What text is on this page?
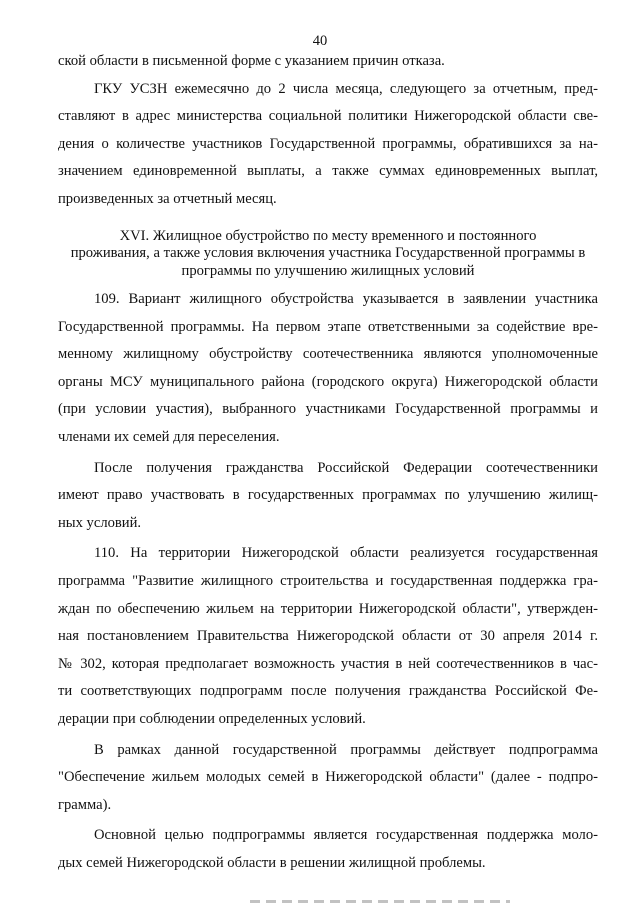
40
ской области в письменной форме с указанием причин отказа.
ГКУ УСЗН ежемесячно до 2 числа месяца, следующего за отчетным, пред-
ставляют в адрес министерства социальной политики Нижегородской области све-
дения о количестве участников Государственной программы, обратившихся за на-
значением единовременной выплаты, а также суммах единовременных выплат,
произведенных за отчетный месяц.
XVI. Жилищное обустройство по месту временного и постоянного
проживания, а также условия включения участника Государственной программы в
программы по улучшению жилищных условий
109. Вариант жилищного обустройства указывается в заявлении участника
Государственной программы. На первом этапе ответственными за содействие вре-
менному жилищному обустройству соотечественника являются уполномоченные
органы МСУ муниципального района (городского округа) Нижегородской области
(при условии участия), выбранного участниками Государственной программы и
членами их семей для переселения.
После получения гражданства Российской Федерации соотечественники
имеют право участвовать в государственных программах по улучшению жилищ-
ных условий.
110. На территории Нижегородской области реализуется государственная
программа "Развитие жилищного строительства и государственная поддержка гра-
ждан по обеспечению жильем на территории Нижегородской области", утвержден-
ная постановлением Правительства Нижегородской области от 30 апреля 2014 г.
№ 302, которая предполагает возможность участия в ней соотечественников в час-
ти соответствующих подпрограмм после получения гражданства Российской Фе-
дерации при соблюдении определенных условий.
В рамках данной государственной программы действует подпрограмма
"Обеспечение жильем молодых семей в Нижегородской области" (далее - подпро-
грамма).
Основной целью подпрограммы является государственная поддержка моло-
дых семей Нижегородской области в решении жилищной проблемы.
